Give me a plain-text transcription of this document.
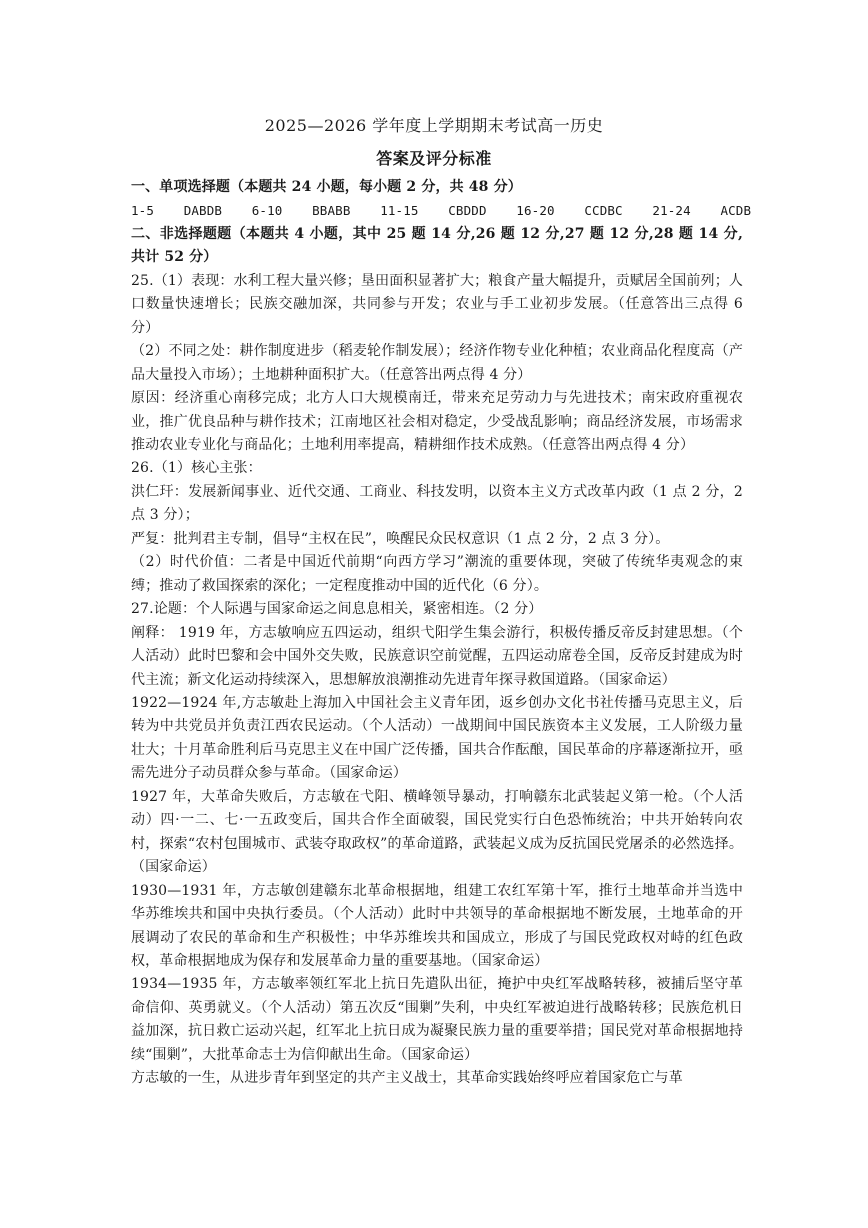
2025—2026 学年度上学期期末考试高一历史
答案及评分标准

一、单项选择题（本题共 24 小题，每小题 2 分，共 48 分）

1-5 DABDB 6-10 BBABB 11-15 CBDDD 16-20 CCDBC 21-24 ACDB

二、非选择题题（本题共 4 小题，其中 25 题 14 分,26 题 12 分,27 题 12 分,28 题 14 分,共计 52 分）

25.（1）表现：水利工程大量兴修；垦田面积显著扩大；粮食产量大幅提升，贡赋居全国前列；人口数量快速增长；民族交融加深，共同参与开发；农业与手工业初步发展。（任意答出三点得 6 分）

（2）不同之处：耕作制度进步（稻麦轮作制发展）；经济作物专业化种植；农业商品化程度高（产品大量投入市场）；土地耕种面积扩大。（任意答出两点得 4 分）

原因：经济重心南移完成；北方人口大规模南迁，带来充足劳动力与先进技术；南宋政府重视农业，推广优良品种与耕作技术；江南地区社会相对稳定，少受战乱影响；商品经济发展，市场需求推动农业专业化与商品化；土地利用率提高，精耕细作技术成熟。（任意答出两点得 4 分）

26.（1）核心主张：

洪仁玕：发展新闻事业、近代交通、工商业、科技发明，以资本主义方式改革内政（1 点 2 分，2 点 3 分）；

严复：批判君主专制，倡导“主权在民”，唤醒民众民权意识（1 点 2 分，2 点 3 分）。

（2）时代价值：二者是中国近代前期“向西方学习”潮流的重要体现，突破了传统华夷观念的束缚；推动了救国探索的深化；一定程度推动中国的近代化（6 分）。

27.论题：个人际遇与国家命运之间息息相关，紧密相连。（2 分）

阐释： 1919 年，方志敏响应五四运动，组织弋阳学生集会游行，积极传播反帝反封建思想。（个人活动）此时巴黎和会中国外交失败，民族意识空前觉醒，五四运动席卷全国，反帝反封建成为时代主流；新文化运动持续深入，思想解放浪潮推动先进青年探寻救国道路。（国家命运）

1922—1924 年,方志敏赴上海加入中国社会主义青年团，返乡创办文化书社传播马克思主义，后转为中共党员并负责江西农民运动。（个人活动）一战期间中国民族资本主义发展，工人阶级力量壮大；十月革命胜利后马克思主义在中国广泛传播，国共合作酝酿，国民革命的序幕逐渐拉开，亟需先进分子动员群众参与革命。（国家命运）

1927 年，大革命失败后，方志敏在弋阳、横峰领导暴动，打响赣东北武装起义第一枪。（个人活动）四·一二、七·一五政变后，国共合作全面破裂，国民党实行白色恐怖统治；中共开始转向农村，探索“农村包围城市、武装夺取政权”的革命道路，武装起义成为反抗国民党屠杀的必然选择。（国家命运）

1930—1931 年，方志敏创建赣东北革命根据地，组建工农红军第十军，推行土地革命并当选中华苏维埃共和国中央执行委员。（个人活动）此时中共领导的革命根据地不断发展，土地革命的开展调动了农民的革命和生产积极性；中华苏维埃共和国成立，形成了与国民党政权对峙的红色政权，革命根据地成为保存和发展革命力量的重要基地。（国家命运）

1934—1935 年，方志敏率领红军北上抗日先遣队出征，掩护中央红军战略转移，被捕后坚守革命信仰、英勇就义。（个人活动）第五次反“围剿”失利，中央红军被迫进行战略转移；民族危机日益加深，抗日救亡运动兴起，红军北上抗日成为凝聚民族力量的重要举措；国民党对革命根据地持续“围剿”，大批革命志士为信仰献出生命。（国家命运）

方志敏的一生，从进步青年到坚定的共产主义战士，其革命实践始终呼应着国家危亡与革
